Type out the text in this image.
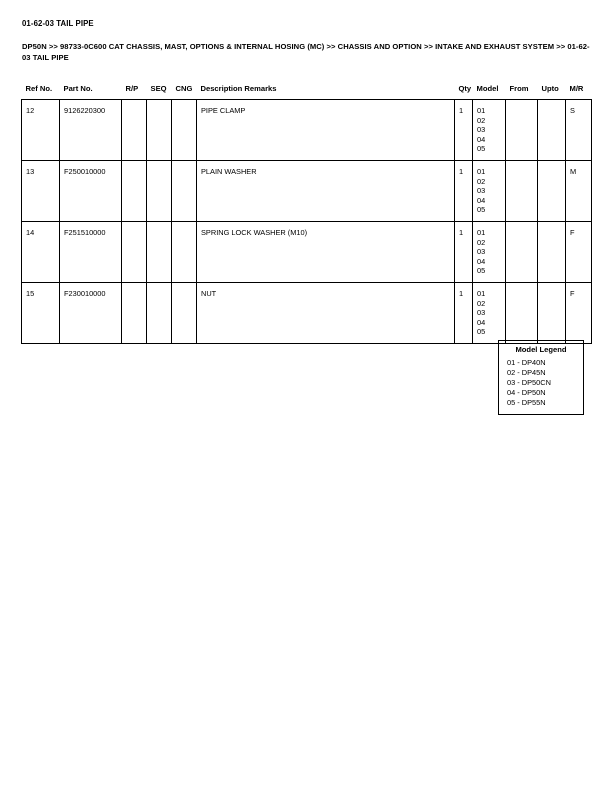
01-62-03 TAIL PIPE
DP50N >> 98733-0C600 CAT CHASSIS, MAST, OPTIONS & INTERNAL HOSING (MC) >> CHASSIS AND OPTION >> INTAKE AND EXHAUST SYSTEM >> 01-62-03 TAIL PIPE
Ref No.	Part No.	R/P	SEQ	CNG	Description Remarks	Qty	Model	From	Upto	M/R
12	9126220300				PIPE CLAMP	1	01
02
03
04
05			S
13	F250010000				PLAIN WASHER	1	01
02
03
04
05			M
14	F251510000				SPRING LOCK WASHER (M10)	1	01
02
03
04
05			F
15	F230010000				NUT	1	01
02
03
04
05			F
Model Legend
01 - DP40N
02 - DP45N
03 - DP50CN
04 - DP50N
05 - DP55N
